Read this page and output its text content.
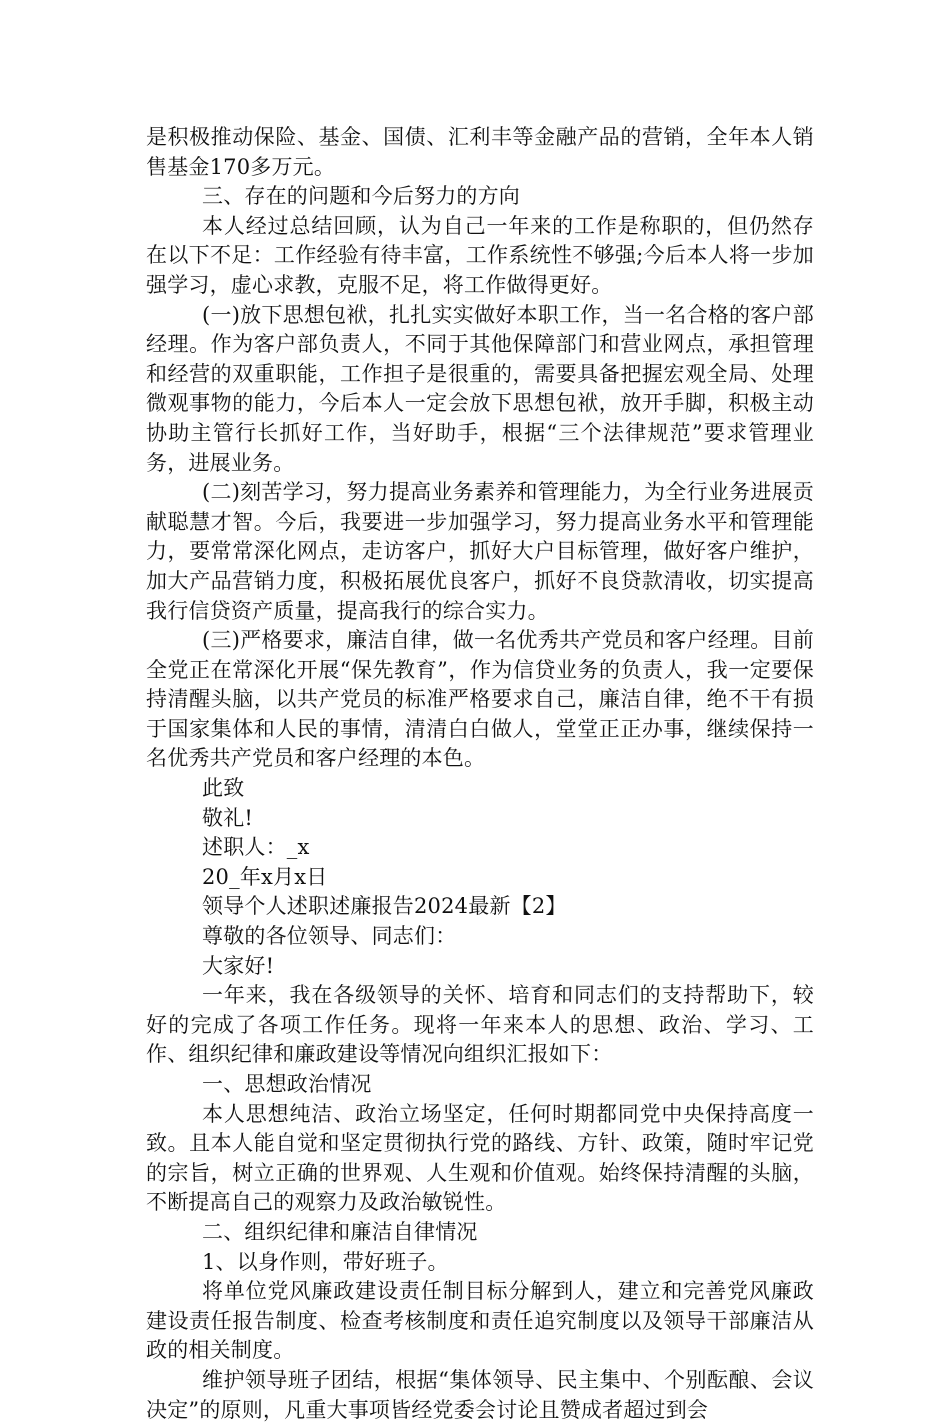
是积极推动保险、基金、国债、汇利丰等金融产品的营销，全年本人销售基金170多万元。

三、存在的问题和今后努力的方向

本人经过总结回顾，认为自己一年来的工作是称职的，但仍然存在以下不足：工作经验有待丰富，工作系统性不够强;今后本人将一步加强学习，虚心求教，克服不足，将工作做得更好。

(一)放下思想包袱，扎扎实实做好本职工作，当一名合格的客户部经理。作为客户部负责人，不同于其他保障部门和营业网点，承担管理和经营的双重职能，工作担子是很重的，需要具备把握宏观全局、处理微观事物的能力，今后本人一定会放下思想包袱，放开手脚，积极主动协助主管行长抓好工作，当好助手，根据“三个法律规范”要求管理业务，进展业务。

(二)刻苦学习，努力提高业务素养和管理能力，为全行业务进展贡献聪慧才智。今后，我要进一步加强学习，努力提高业务水平和管理能力，要常常深化网点，走访客户，抓好大户目标管理，做好客户维护，加大产品营销力度，积极拓展优良客户，抓好不良贷款清收，切实提高我行信贷资产质量，提高我行的综合实力。

(三)严格要求，廉洁自律，做一名优秀共产党员和客户经理。目前全党正在常深化开展“保先教育”，作为信贷业务的负责人，我一定要保持清醒头脑，以共产党员的标准严格要求自己，廉洁自律，绝不干有损于国家集体和人民的事情，清清白白做人，堂堂正正办事，继续保持一名优秀共产党员和客户经理的本色。

此致

敬礼!

述职人：_x

20_年x月x日

领导个人述职述廉报告2024最新【2】

尊敬的各位领导、同志们：

大家好!

一年来，我在各级领导的关怀、培育和同志们的支持帮助下，较好的完成了各项工作任务。现将一年来本人的思想、政治、学习、工作、组织纪律和廉政建设等情况向组织汇报如下：

一、思想政治情况

本人思想纯洁、政治立场坚定，任何时期都同党中央保持高度一致。且本人能自觉和坚定贯彻执行党的路线、方针、政策，随时牢记党的宗旨，树立正确的世界观、人生观和价值观。始终保持清醒的头脑，不断提高自己的观察力及政治敏锐性。

二、组织纪律和廉洁自律情况

1、以身作则，带好班子。

将单位党风廉政建设责任制目标分解到人，建立和完善党风廉政建设责任报告制度、检查考核制度和责任追究制度以及领导干部廉洁从政的相关制度。

维护领导班子团结，根据“集体领导、民主集中、个别酝酿、会议决定”的原则，凡重大事项皆经党委会讨论且赞成者超过到会
